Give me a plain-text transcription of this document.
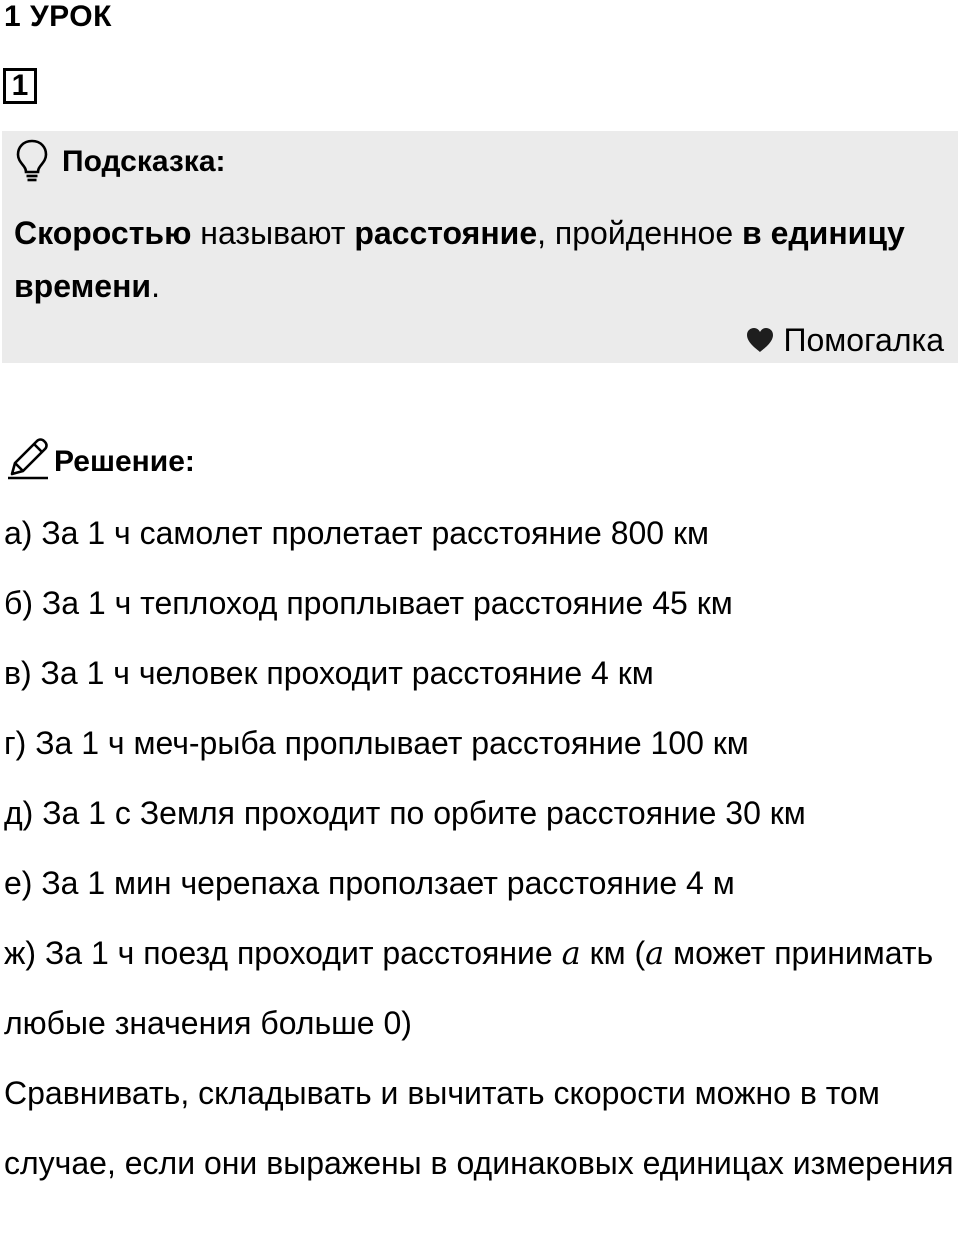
1 УРОК
1
Подсказка:
Скоростью называют расстояние, пройденное в единицу времени.
Помогалка
Решение:
а) За 1 ч самолет пролетает расстояние 800 км
б) За 1 ч теплоход проплывает расстояние 45 км
в) За 1 ч человек проходит расстояние 4 км
г) За 1 ч меч-рыба проплывает расстояние 100 км
д) За 1 с Земля проходит по орбите расстояние 30 км
е) За 1 мин черепаха проползает расстояние 4 м
ж) За 1 ч поезд проходит расстояние a км (a может принимать любые значения больше 0)
Сравнивать, складывать и вычитать скорости можно в том случае, если они выражены в одинаковых единицах измерения
